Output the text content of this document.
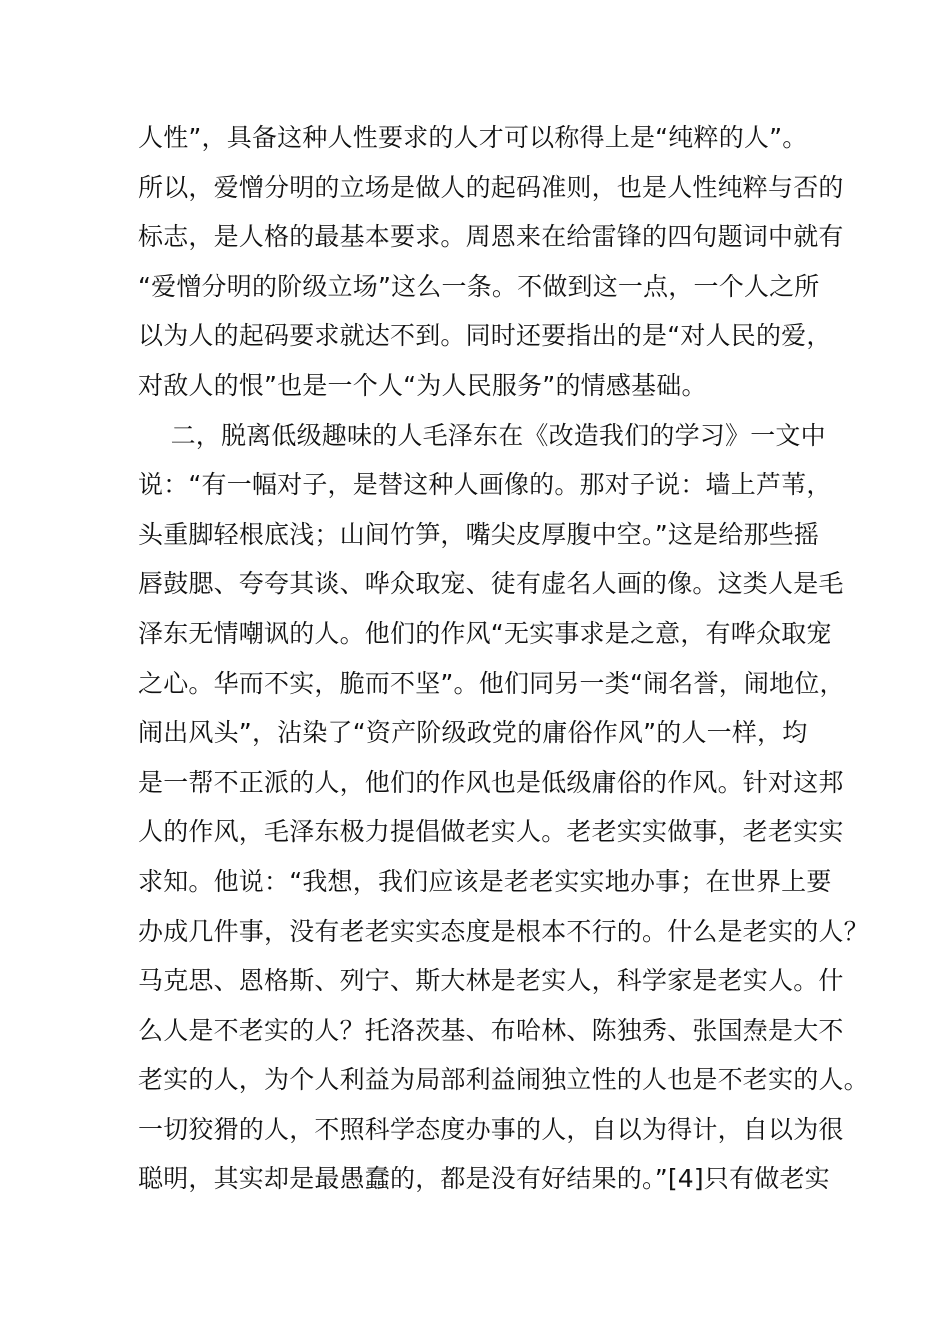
人性”，具备这种人性要求的人才可以称得上是“纯粹的人”。
所以，爱憎分明的立场是做人的起码准则，也是人性纯粹与否的
标志，是人格的最基本要求。周恩来在给雷锋的四句题词中就有
“爱憎分明的阶级立场”这么一条。不做到这一点，一个人之所
以为人的起码要求就达不到。同时还要指出的是“对人民的爱，
对敌人的恨”也是一个人“为人民服务”的情感基础。
二，脱离低级趣味的人毛泽东在《改造我们的学习》一文中
说：“有一幅对子，是替这种人画像的。那对子说：墙上芦苇，
头重脚轻根底浅；山间竹笋，嘴尖皮厚腹中空。”这是给那些摇
唇鼓腮、夸夸其谈、哗众取宠、徒有虚名人画的像。这类人是毛
泽东无情嘲讽的人。他们的作风“无实事求是之意，有哗众取宠
之心。华而不实，脆而不坚”。他们同另一类“闹名誉，闹地位，
闹出风头”，沾染了“资产阶级政党的庸俗作风”的人一样，均
是一帮不正派的人，他们的作风也是低级庸俗的作风。针对这邦
人的作风，毛泽东极力提倡做老实人。老老实实做事，老老实实
求知。他说：“我想，我们应该是老老实实地办事；在世界上要
办成几件事，没有老老实实态度是根本不行的。什么是老实的人？
马克思、恩格斯、列宁、斯大林是老实人，科学家是老实人。什
么人是不老实的人？托洛茨基、布哈林、陈独秀、张国焘是大不
老实的人，为个人利益为局部利益闹独立性的人也是不老实的人。
一切狡猾的人，不照科学态度办事的人，自以为得计，自以为很
聪明，其实却是最愚蠢的，都是没有好结果的。”[4]只有做老实
